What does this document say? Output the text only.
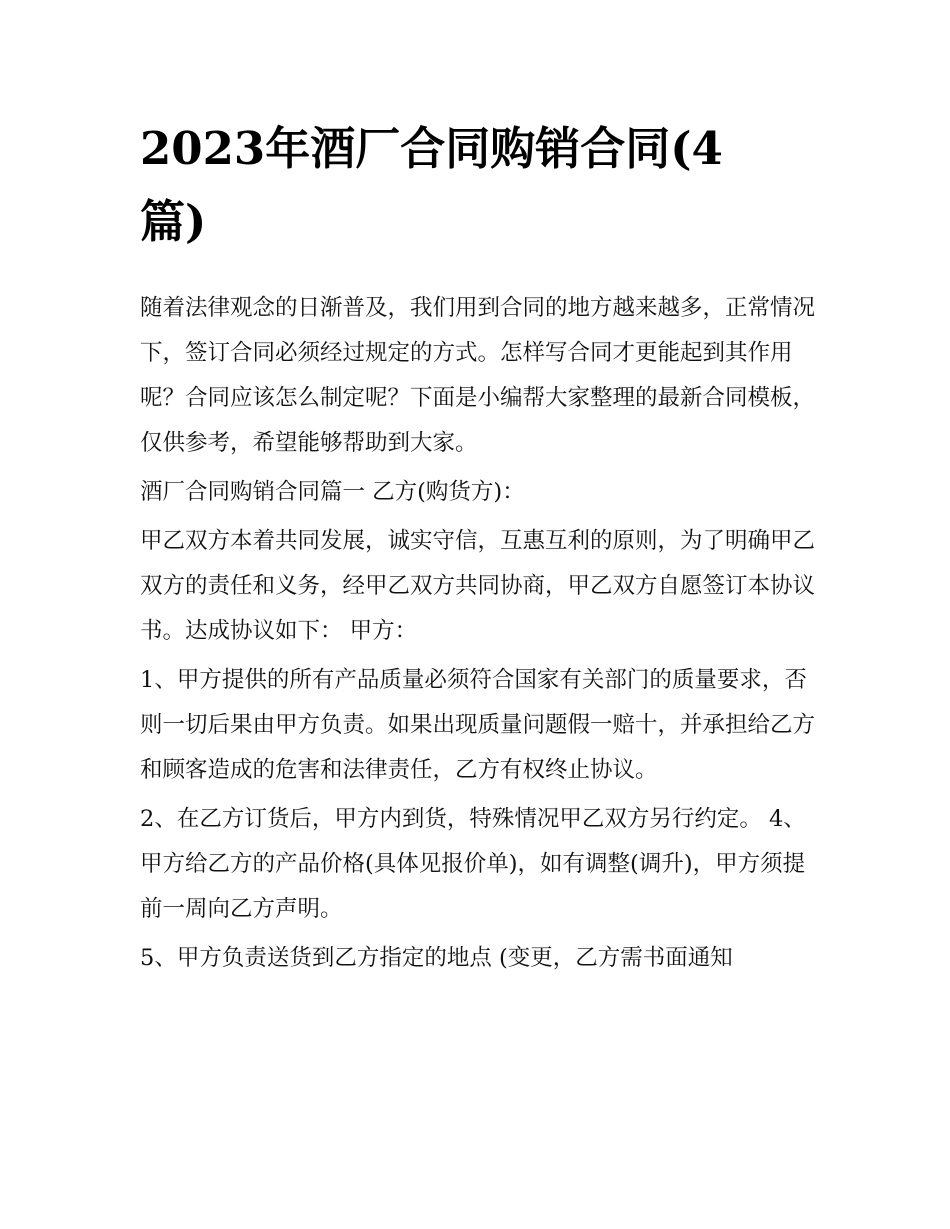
2023年酒厂合同购销合同(4篇)

随着法律观念的日渐普及，我们用到合同的地方越来越多，正常情况下，签订合同必须经过规定的方式。怎样写合同才更能起到其作用呢？合同应该怎么制定呢？下面是小编帮大家整理的最新合同模板，仅供参考，希望能够帮助到大家。

酒厂合同购销合同篇一 乙方(购货方)：

甲乙双方本着共同发展，诚实守信，互惠互利的原则，为了明确甲乙双方的责任和义务，经甲乙双方共同协商，甲乙双方自愿签订本协议书。达成协议如下： 甲方：

1、甲方提供的所有产品质量必须符合国家有关部门的质量要求，否则一切后果由甲方负责。如果出现质量问题假一赔十，并承担给乙方和顾客造成的危害和法律责任，乙方有权终止协议。

2、在乙方订货后，甲方内到货，特殊情况甲乙双方另行约定。 4、 甲方给乙方的产品价格(具体见报价单)，如有调整(调升)，甲方须提前一周向乙方声明。

5、甲方负责送货到乙方指定的地点 (变更，乙方需书面通知
